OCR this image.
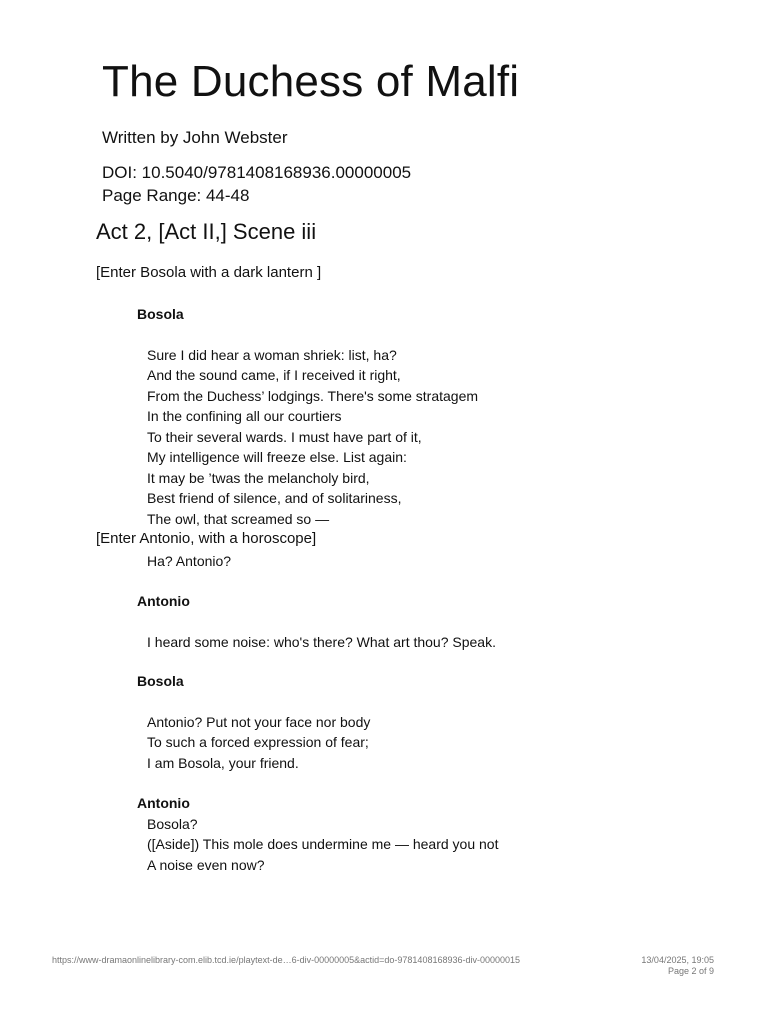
The Duchess of Malfi
Written by John Webster
DOI: 10.5040/9781408168936.00000005
Page Range: 44-48
Act 2, [Act II,] Scene iii
[Enter Bosola with a dark lantern ]
Bosola
Sure I did hear a woman shriek: list, ha?
And the sound came, if I received it right,
From the Duchess’ lodgings. There's some stratagem
In the confining all our courtiers
To their several wards. I must have part of it,
My intelligence will freeze else. List again:
It may be ’twas the melancholy bird,
Best friend of silence, and of solitariness,
The owl, that screamed so —
[Enter Antonio, with a horoscope]
Ha? Antonio?
Antonio
I heard some noise: who's there? What art thou? Speak.
Bosola
Antonio? Put not your face nor body
To such a forced expression of fear;
I am Bosola, your friend.
Antonio
Bosola?
([Aside]) This mole does undermine me — heard you not
A noise even now?
https://www-dramaonlinelibrary-com.elib.tcd.ie/playtext-de…6-div-00000005&actid=do-9781408168936-div-00000015	13/04/2025, 19:05
Page 2 of 9
